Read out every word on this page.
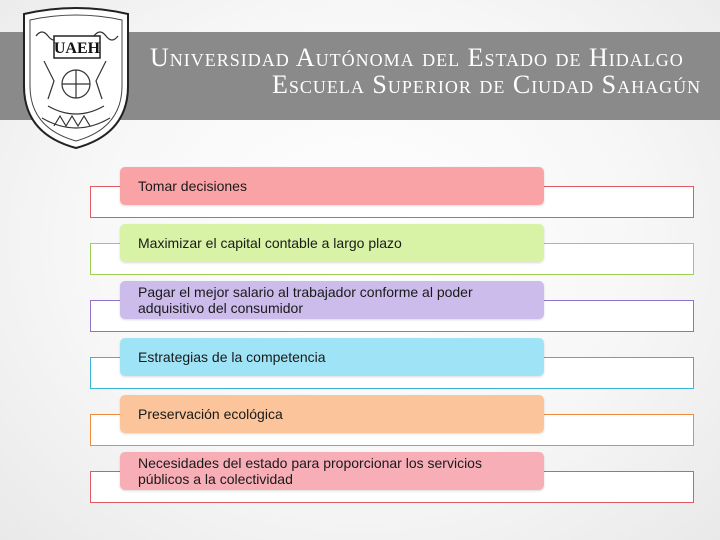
UAEH Universidad Autónoma del Estado de Hidalgo
Escuela Superior de Ciudad Sahagún
Tomar decisiones
Maximizar el capital contable a largo plazo
Pagar el mejor salario al trabajador conforme al poder adquisitivo del consumidor
Estrategias de la competencia
Preservación ecológica
Necesidades del estado para proporcionar los servicios públicos a la colectividad
